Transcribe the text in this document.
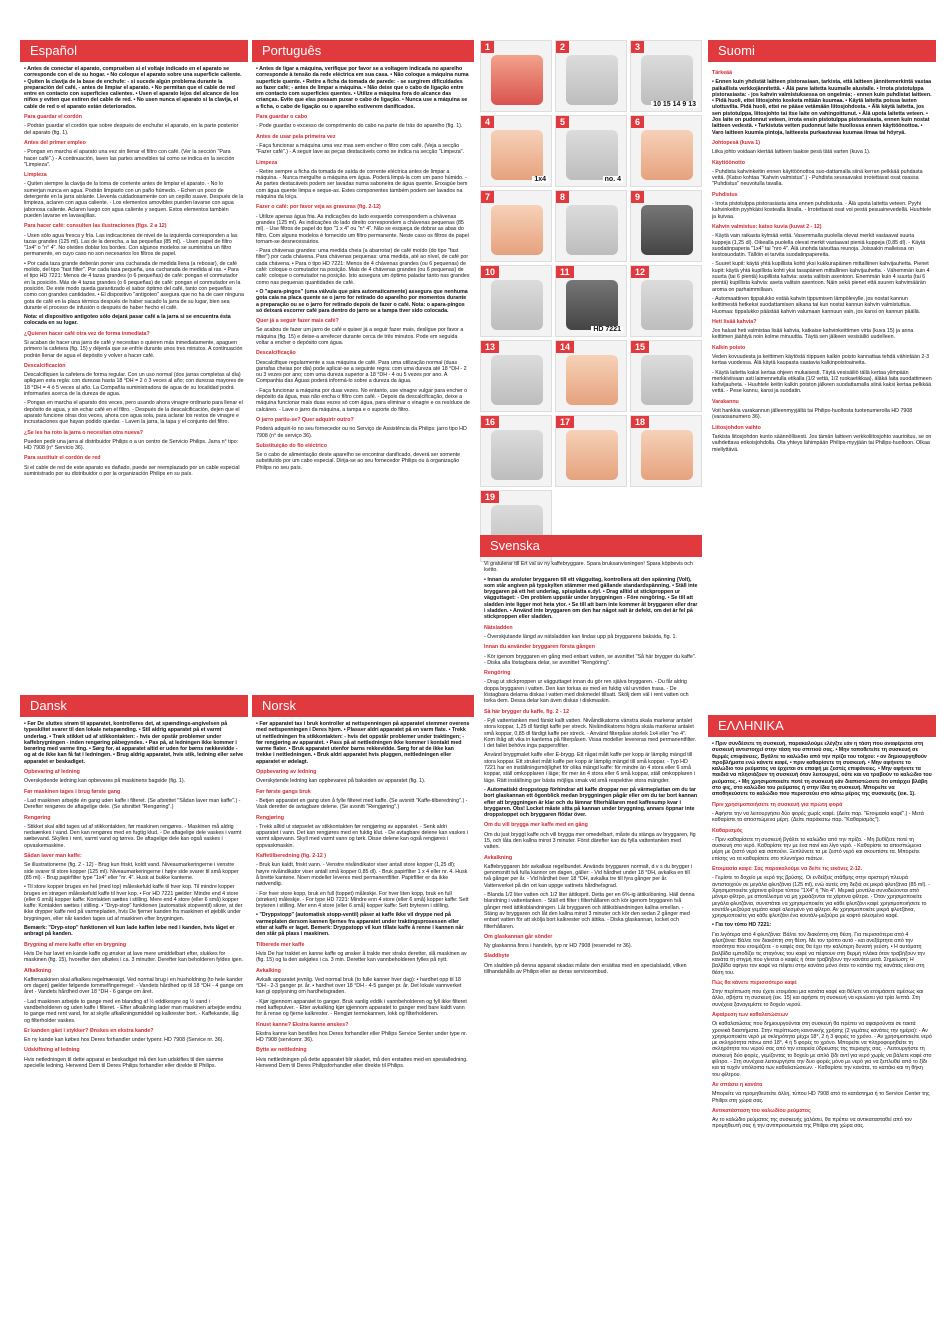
Español

• Antes de conectar el aparato, compruében si el voltaje indicado en el aparato se corresponde con el de su hogar. • No coloque el aparato sobre una superficie caliente. • Quiten la clavija de la base de enchufe: - si sucede algún problema durante la preparación del café, - antes de limpiar el aparato. • No permitan que el cable de red entre en contacto con superficies calientes. • Usen el aparato lejos del alcance de los niños y eviten que estiren del cable de red. • No usen nunca el aparato si la clavija, el cable de red o el aparato están deteriorados.

Para guardar el cordón

- Podrán guardar el cordón que sobre después de enchufar el aparato, en la parte posterior del aparato (fig. 1).

Antes del primer empleo

- Pongan en marcha el aparato una vez sin llenar el filtro con café. (Ver la sección "Para hacer café".) - A continuación, laven las partes amovibles tal como se indica en la sección "Limpieza".

Limpieza

- Quiten siempre la clavija de la toma de corriente antes de limpiar el aparato. - No lo sumerjan nunca en agua. Podrán limpiarlo con un paño húmedo. - Echen un poco de detergente en la jarra aislante. Llevenla cuidadosamente con un cepillo suave. Después de la limpieza, aclaren con agua caliente. - Los elementos amovibles pueden lavarse con agua jabonosa caliente. Aclaren luego con agua caliente y sequen. Estos elementos también pueden lavarse en lavavajillas.

Para hacer café: consulten las ilustraciones (figs. 2 a 12)

- Usen sólo agua fresca y fría. Las indicaciones de nivel de la izquierda corresponden a las tazas grandes (125 ml). Las de la derecha, a las pequeñas (85 ml). - Usen papel de filtro "1x4" o "n° 4". No olviden doblar los bordes. Con algunos modelos se suministra un filtro permanente, en cuyo caso no son necesarios los filtros de papel.

• Por cada taza grande deberán poner una cucharada de medida llena (a rebosar), de café molido, del tipo "fast filter". Por cada taza pequeña, una cucharada de medida al ras. • Para el tipo HD 7221: Menos de 4 tazas grandes (o 6 pequeñas) de café: pongan el conmutador en la posición. Más de 4 tazas grandes (o 6 pequeñas) de café: pongan el conmutador en la posición. De este modo queda garantizado el sabor óptimo del café, tanto con pequeñas como con grandes cantidades. • El dispositivo "antigoteo" asegura que no ha de caer ninguna gota de café en la placa térmica después de haber sacado la jarra de su lugar, bien sea durante el proceso de infusión o después de haber hecho el café.

Nota: el dispositivo antigoteo sólo dejará pasar café a la jarra si se encuentra ésta colocada en su lugar.

¿Quieren hacer café otra vez de forma inmediata?

Si acaban de hacer una jarra de café y necesitan o quieren más inmediatamente, apaguen primero la cafetera (fig. 15) y déjenla que se enfríe durante unos tres minutos. A continuación podrán llenar de agua el depósito y volver a hacer café.

Descalcificación

Descalcifiquen la cafetera de forma regular. Con un uso normal (dos jarras completas al día) apliquen esta regla: con durezas hasta 18 °DH = 2 ó 3 veces al año; con durezas mayores de 18 °DH = 4 ó 5 veces al año. La Compañía suministradora de agua de su localidad podrá informarles acerca de la dureza de agua.

- Pongan en marcha el aparato dos veces, pero usando ahora vinagre ordinario para llenar el depósito de agua, y sin echar café en el filtro. - Después de la descalcificación, dejen que el aparato funcione otras dos veces, ahora con agua sola, para aclarar los restos de vinagre e incrustaciones que hayan podido quedar. - Laven la jarra, la tapa y el conjunto del filtro.

¿Se les ha roto la jarra o necesitan otra nueva?

Pueden pedir una jarra al distribuidor Philips o a un centro de Servicio Philips. Jarra n° tipo: HD 7908 (n° Servicio 36).

Para sustituir el cordón de red

Si el cable de red de este aparato es dañado, puede ser reemplazado por un cable especial suministrado por su distribuidor o por la organización Philips en su país.

Dansk

• Før De sluttes strøm til apparatet, kontrolleres det, at spændings-angivelsen på typeskiltet svarer til den lokale netspænding. • Stil aldrig apparatet på et varmt underlag. • Træk stikket ud af stikkontakten: - hvis der opstår problemer under kaffebrygningen - inden rengøring påbegyndes. • Pas på, at ledningen ikke kommer i berøring med varme ting. • Sørg for, at apparatet altid er uden for børns rækkevidde - og at de ikke kan få fat i ledningen. • Brug aldrig apparatet, hvis stik, ledning eller selve apparatet er beskadiget.

Opbevaring af ledning

Overskydende ledning kan opbevares på maskinens bagside (fig. 1).

Før maskinen tages i brug første gang

- Lad maskinen arbejde én gang uden kaffe i filteret. (Se afsnittet "Sådan laver man kaffe".) - Derefter rengøres de aftagelige dele. (Se afsnittet "Rengøring".)

Rengøring

- Stikket skal altid tages ud af stikkontakten, før maskinen rengøres. - Maskinen må aldrig nedsænkes i vand. Den kan rengøres med en fugtig klud. - De aftagelige dele vaskes i varmt sæbevand. Skylles i rent, varmt vand og tørres. De aftagelige dele kan også vaskes i opvaskemaskine.

Sådan laver man kaffe:

Se illustrationerne (fig. 2 - 12) - Brug kun friskt, koldt vand. Niveaumarkeringerne i venstre side svarer til store kopper (125 ml). Niveaumarkeringerne i højre side svarer til små kopper (85 ml). - Brug papirfilter type "1x4" eller "nr. 4". Husk at bukke kanterne.

• Til store kopper bruges en hel (med top) måleskefuld kaffe til hver kop. Til mindre kopper bruges en strøgen måleskefuld kaffe til hver kop. • For HD 7221 gælder: Mindre end 4 store (eller 6 små) kopper kaffe: Kontakten sættes i stilling. Mere end 4 store (eller 6 små) kopper kaffe: Kontakten sættes i stilling. • "Dryp-stop" funktionen (automatisk stopventil) sikrer, at der ikke drypper kaffe ned på varmepladen, hvis De fjerner kanden fra maskinen et øjeblik under brygningen, eller når kanden tages ud af maskinen efter brygningen.

Bemærk: "Dryp-stop" funktionen vil kun lade kaffen løbe ned i kanden, hvis låget er anbragt på kanden.

Brygning af mere kaffe efter en brygning

Hvis De har lavet en kande kaffe og ønsker at lave mere umiddelbart efter, slukkes for maskinen (fig. 15), hvorefter den afkøles i ca. 3 minutter. Derefter kan beholderen fyldes igen.

Afkalkning

Kaffemaskinen skal afkalkes regelmæssigt. Ved normal brug i en husholdning (to hele kander om dagen) gælder følgende tommelfingerregel: - Vandets hårdhed op til 18 °DH - 4 gange om året - Vandets hårdhed over 18 °DH - 6 gange om året.

- Lad maskinen arbejde to gange med en blanding af ½ eddikesyre og ½ vand i vandbeholderen og uden kaffe i filteret. - Efter afkalkning lader man maskinen arbejde endnu to gange med rent vand, for at skylle afkalkningsmiddel og kalkrester bort. - Kaffekande, låg og filterholder vaskes.

Er kanden gået i stykker? Ønskes en ekstra kande?

En ny kande kan købes hos Deres forhandler under typenr. HD 7908 (Service nr. 36).

Udskiftning af ledning

Hvis netledningen til dette apparat er beskadiget må den kun udskiftes til den samme specielle ledning. Henvend Dem til Deres Philips forhandler eller direkte til Philips.

Português

• Antes de ligar a máquina, verifique por favor se a voltagem indicada no aparelho corresponde à tensão da rede eléctrica em sua casa. • Não coloque a máquina numa superfície quente. • Retire a ficha da tomada de parede: - se surgirem dificuldades ao fazer café; - antes de limpar a máquina. • Não deixe que o cabo de ligação entre em contacto com superfícies quentes. • Utilize a máquina fora do alcance das crianças. Evite que elas possam puxar o cabo de ligação. • Nunca use a máquina se a ficha, o cabo de ligação ou o aparelho estiverem danificados.

Para guardar o cabo

- Pode guardar o excesso de comprimento do cabo na parte de trás do aparelho (fig. 1).

Antes de usar pela primeira vez

- Faça funcionar a máquina uma vez mas sem encher o filtro com café. (Veja a secção "Fazer café".) - A seguir lave as peças destacáveis como se indica na secção "Limpeza".

Limpeza

- Retire sempre a ficha da tomada de saída de corrente eléctrica antes de limpar a máquina. - Nunca mergulhe a máquina em água. Poderá limpá-la com um pano húmido. - As partes destacáveis podem ser lavadas numa saboneira de água quente. Enxagúe bem com água quente limpa e seque-as. Estes componentes também podem ser lavados na máquina da loiça.

Fazer o café: por favor veja as gravuras (fig. 2-12)

- Utilize apenas água fria. As indicações do lado esquerdo correspondem a chávenas grandes (125 ml). As indicações do lado direito correspondem a chávenas pequenas (85 ml). - Use filtros de papel do tipo "1 x 4" ou "n° 4". Não se esqueça de dobrar as abas do filtro. Com alguns modelos é fornecido um filtro permanente. Neste caso os filtros de papel tornam-se desnecessários.

- Para chávenas grandes: uma medida cheia (a abarrotar) de café moído (do tipo "fast filter") por cada chávena. Para chávenas pequenas: uma medida, até ao nível, de café por cada chávena. • Para o tipo HD 7221: Menos de 4 chávenas grandes (ou 6 pequenas) de café: coloque o comutador na posição. Mais de 4 chávenas grandes (ou 6 pequenas) de café: coloque o comutador na posição. Isto assegura um óptimo paladar tanto nas grandes como nas pequenas quantidades de café.

• O "apara-pingos" (uma válvula que pára automaticamente) assegura que nenhuma gota caia na placa quente se o jarro for retirado do aparelho por momentos durante a preparação ou se o jarro for retirado depois de fazer o café. Nota: o apara-pingos só deixará escorrer café para dentro do jarro se a tampa tiver sido colocada.

Quer já a seguir fazer mais café?

Se acabou de fazer um jarro de café e quiser já a seguir fazer mais, desligue por favor a máquina (fig. 15) e deixe-a arrefecer durante cerca de três minutos. Pode em seguida voltar a encher o depósito com água.

Descalcificação

Descalcifique regularmente a sua máquina de café. Para uma utilização normal (duas garrafas cheias por dia) pode aplicar-se a seguinte regra: com uma dureza até 18 °DH - 2 ou 3 vezes por ano; com uma dureza superior a 18 °DH - 4 ou 5 vezes por ano. A Companhia das Águas poderá informá-lo sobre a dureza da água.

- Faça funcionar a máquina por duas vezes. No entanto, use vinagre vulgar para encher o depósito da água, mas não encha o filtro com café. - Depois da descalcificação, deixe a máquina funcionar mais duas vezes só com água, para eliminar o vinagre e os resíduos de calcáreo. - Lave o jarro da máquina, a tampa e o suporte do filtro.

O jarro partiu-se? Quer adquirir outro?

Poderá adquiri-lo no seu fornecedor ou no Serviço de Assistência da Philips: jarro tipo HD 7908 (n° de serviço 36).

Substituição do fio eléctrico

Se o cabo de alimentação deste aparelho se encontrar danificado, deverá ser somente substituído por um cabo especial. Dirija-se ao seu fornecedor Philips ou à organização Philips no seu país.

Norsk

• Før apparatet tas i bruk kontroller at nettspenningen på apparatet stemmer overens med nettspenningen i Deres hjem. • Plasser aldri apparatet på en varm flate. • Trekk ut nettledningen fra stikkontakten: - hvis det oppstår problemer under traktingen; - før rengjøring av apparatet. • Pass på at nettledningen ikke kommer i kontakt med varme flater. • Bruk apparatet utenfor barns rekkevidde. Sørg for at de ikke kan trekke i nettledningen. • Bruk aldri apparatet hvis pluggen, nettledningen eller apparatet er ødelagt.

Oppbevaring av ledning

Overskytende ledning kan oppbevares på baksiden av apparatet (fig. 1).

Før første gangs bruk

- Betjen apparatet en gang uten å fylle filteret med kaffe. (Se avsnitt "Kaffe-tilberedning".) - Vask deretter de avtagbare delene. (Se avsnitt "Rengjøring".)

Rengjøring

- Trekk alltid ut støpselet av stikkontakten før rengjøring av apparatet. - Senk aldri apparatet i vann. Det kan rengjøres med en fuktig klut. - De avtagbare delene kan vaskes i varmt såpevann. Skyll med varmt vann og tørk. Disse delene kan også rengjøres i oppvaskmaskin.

Kaffetilberedning (fig. 2-12 )

- Bruk kun kaldt, friskt vann. - Venstre nivåindikator viser antall store kopper (1,25 dl); høyre nivåindikator viser antall små kopper 0,85 dl). - Bruk papirfilter 1 x 4 eller nr. 4. Husk å brette kantene. Noen modeller leveres med permanentfilter. Papirfilter er da ikke nødvendig.

- For hver store kopp, bruk en full (toppet) måleskje. For hver liten kopp, bruk en full (strøken) måleskje. - For type HD 7221: Mindre enn 4 store (eller 6 små) kopper kaffe: Sett bryteren i stilling. Mer enn 4 store (eller 6 små) kopper kaffe: Sett bryteren i stilling.

• "Dryppstopp" (automatisk stopp-ventil) påser at kaffe ikke vil dryppe ned på varmeplaten dersom kannen fjernes fra apparatet under traktingsprosessen eller etter at kaffe er laget. Bemerk: Dryppstopp vil kun tillate kaffe å renne i kannen når den står på plass i maskinen.

Tilberede mer kaffe

Hvis De har traktet en kanne kaffe og ønsker å trakte mer straks deretter, slå maskinen av (fig. 15) og la den avkjøles i ca. 3 min. Deretter kan vannbeholderen fylles på nytt.

Avkalking

Avkalk apparatet jevnlig. Ved normal bruk (to fulle kanner hver dag): • hardhet opp til 18 °DH - 2-3 ganger pr. år. • hardhet over 18 °DH - 4-5 ganger pr. år. Det lokale vannverket kan gi opplysning om hardhetsgraden.

- Kjør igjennom apparatet to ganger. Bruk vanlig eddik i vannbeholderen og fyll ikke filteret med kaffepulver. - Etter avkalking kjør igjennom apparatet to ganger med bare kaldt vann for å rense og fjerne kalkrester. - Rengjør termokannen, lokk og filterholderen.

Knust kanne? Ekstra kanne ønskes?

Ekstra kanne kan bestilles hos Deres forhandler eller Philips Service Senter under type nr. HD 7908 (servicenr. 36).

Bytte av nettledning

Hvis nettledningen på dette apparatet blir skadet, må den erstattes med en spesialledning. Henvend Dem til Deres Philipsforhandler eller direkte til Philips.

1	2	3
10 15 14 9 13
4
1x4
5
no. 4
6
7	8	9
10	11
HD 7221
12
13	14	15
16	17	18
19
Svenska

Vi gratulerar till Ert val av ny kaffebryggare. Spara bruksanvisningen! Spara köpbevis och kvitto.

• Innan du ansluter bryggaren till ett vägguttag, kontrollera att den spänning (Volt), som står angiven på typskylten stämmer med gällande standardspänning. • Ställ inte bryggaren på ett het underlag, spisplatta e.dyl. • Drag alltid ut stickproppen ur vägguttaget: - Om problem uppstår under bryggningen - Före rengöring. • Se till att sladden inte ligger mot heta ytor. • Se till att barn inte kommer åt bryggaren eller drar i sladden. • Använd inte bryggaren om den har något salt är defekt, om det är fel på stickproppen eller sladden.

Nätsladden

- Överskjutande längd av nätsladden kan lindas upp på bryggarens baksida, fig. 1.

Innan du använder bryggaren första gången

- Kör igenom bryggaren en gång med enbart vatten, se avsnittet "Så här brygger du kaffe". - Diska alla löstagbara delar, se avsnittet "Rengöring".

Rengöring

- Drag ut stickproppen ur vägguttaget innan du gör ren själva bryggaren. - Du får aldrig doppa bryggaren i vatten. Den kan torkas av med en fuktig väl urvriden trasa. - De löstagbara delarna diskas i vatten med diskmedel tillsatt. Skölj dem väl i rent vatten och torka dem. Dessa delar kan även diskas i diskmaskin.

Så här brygger du kaffe, fig. 2 - 12

- Fyll vattentanken med färskt kallt vatten. Nivåindikatorns vänstra skala markerar antalet stora koppar, 1,25 dl färdigt kaffe per streck. Nivåindikatorns högra skala markerar antalet små koppar, 0,85 dl färdigt kaffe per streck. - Använd filterpåse storlek 1x4 eller "no 4". Kom ihåg att vika in kanterna på filterpåsen. Vissa modeller levereras med permanentfilter. I det fallet behövs inga pappersfilter.

Använd bryggmalet kaffe eller E-brygg. Ett rågat mått kaffe per kopp är lämplig mängd till stora koppar. Ett struket mått kaffe per kopp är lämplig mängd till små koppar. - Typ HD 7221 har en inställningsmöjlighet för olika mängd kaffe: för mindre än 4 stora eller 6 små koppar, ställ omkopplaren i läge; för mer än 4 stora eller 6 små koppar, ställ omkopplaren i läge. Rätt inställning ger bästa möjliga smak vid små respektive stora mängder.

- Automatiskt droppstopp förhindrar att kaffe droppar ner på värmeplattan om du tar bort glaskannan ett ögonblick medan bryggningen pågår eller om du tar bort kannan efter att bryggningen är klar och du lämnar filterhållaren med kaffesump kvar i bryggaren. Obs! Locket måste sitta på kannan under bryggning, annars öppnar inte droppstoppet och bryggaren flödar över.

Om du vill brygga mer kaffe med en gång

Om du just bryggt kaffe och vill brygga mer omedelbart, måste du stänga av bryggaren, fig 15, och låta den kallna minst 3 minuter. Först därefter kan du fylla vattentanken med vatten.

Avkalkning

Kaffebryggaren bör avkalkas regelbundet. Används bryggaren normalt, d v s du brygger i genomsnitt två fulla kannor om dagen, gäller: - Vid hårdhet under 18 °DH, avkalka en till två gånger per år. - Vid hårdhet över 18 °DH, avkalka tre till fyra gånger per år. Vattenverket på din ort kan uppge vattnets hårdhetsgrad.

- Blanda 1/2 liter vatten och 1/2 liter ättiksprit. Detta ger en 6%-ig ättikslösning. Häll denna blandning i vattentanken. - Ställ ett filter i filterhållaren och kör igenom bryggaren två gånger med ättiksblandningen. Låt bryggaren och ättiksblandningen kallna emellan. - Stäng av bryggaren och låt den kallna minst 3 minuter och kör den sedan 2 gånger med enbart vatten för att skölja bort kalkrester och ättika. - Diska glaskannan, locket och filterhållaren.

Om glaskannan går sönder

Ny glaskanna finns i handeln, typ nr HD 7908 (reservdel nr 36).

Sladdbyte

Om sladden på denna apparat skadas måste den ersättas med en specialsladd, vilken tillhandahålls av Philips eller av deras serviceombud.

Suomi

Tärkeää

• Ennen kuin yhdistät laitteen pistorasiaan, tarkista, että laitteen jännitemerkintä vastaa paikallista verkkojännitettä. • Älä pane laitetta kuumalle alustalle. • Irrota pistotulppa pistorasiasta: - jos kahvin valmistuksessa on ongelmia; - ennen kuin puhdistat laitteen. • Pidä huoli, ettei liitosjohto kosketa mitään kuumaa. • Käytä laitetta poissa lasten ulottuvilta. Pidä huoli, ettei ne pääse vetämään liitosjohdosta. • Älä käytä laitetta, jos sen pistotulppa, liitosjohto tai itse laite on vahingoittunut. • Älä upota laitetta veteen. • Jos laite on pudonnut veteen, irrota ensin pistotulppa pistorasiasta, ennen kuin nostat laitteen vedestä. • Tarkistuta vetten pudonnut laite huollossa ennen käyttöönottoa. • Varo laitteen kuumia pintoja, laitteesta purkautuvaa kuumaa ilmaa tai höyryä.

Johtopesä (kuva 1)

Liika johto voidaan kiertää laitteen taakse pesä tätä varten (kuva 1).

Käyttöönotto

- Puhdista kahvinkeitin ennen käyttöönottoa suo-dattamalla siinä kerran pelkkää puhdasta vettä. (Katso kohtaa "Kahvin valmistus".) - Puhdista seuraavaksi irrotettavat osat osassa "Puhdistus" neuvotulla tavalla.

Puhdistus

- Irrota pistotulppa pistorasiasta aina ennen puhdistusta. - Älä upota laitetta veteen. Pyyhi kahvinkeitin pyyhkäisi kostealla liinalla. - Irrotettavat osat voi pestä pesuainevedellä. Huuhtele ja kuivaa.

Kahvin valmistus: katso kuvia (kuvat 2 - 12)

- Käytä vain raikasta kylmää vettä. Vasemmalla puolella olevat merkit vastaavat suuria kuppeja (1,25 dl). Oikealla puolella olevat merkit vastaavat pieniä kuppeja (0,85 dl). - Käytä suodatinpaperia "1x4" tai "nro 4". Älä unohda taivuttaa reunoja. Joissakin malleissa on kestosuodatin. Tällöin ei tarvita suodatinpapereita.

- Suuret kupit: käytä yhtä kupillista kohti yksi kukkurapäinen mittalliinen kahvijauhetta. Pienet kupit: käytä yhtä kupillista kohti yksi tasapäinen mittallinen kahvijauhetta. - Vähemmän kuin 4 suurta (tai 6 pientä) kupillista kahvia: aseta valitsin asentoon. Enemmän kuin 4 suurta (tai 6 pientä) kupillista kahvia: aseta valitsin asentoon. Näin sekä pienet että suuren kahvimäärän aroma on parhaimmillaan.

- Automaattinen tippalukko estää kahvin tippumisen lämpölevylle, jos nostat kannun keittimestä hetkeksi suodattamisen aikana tai kun nostat kannun kahvin valmistuttua. Huomaa: tippalukko päästää kahvin valumaan kannuun vain, jos kansi on kannun päällä.

Heti lisää kahvia?

Jos haluat heti valmistaa lisää kahvia, katkaise kahvinkeittimen virta (kuva 15) ja anna keittimen jäähtyä noin kolme minuuttia. Täytä sen jälkeen vesisäiliö uudelleen.

Kalkin poisto

Veden kovuudesta ja keittimen käytöstä riippuen kalkin poisto kannattaa tehdä vähintään 2-3 kertaa vuodessa. Älä käytä kaupasta saatavia kalkinpoistoaineita.

- Käytä laitetta kaksi kertaa ohjeen mukaisesti. Täytä vesisäiliö tällä kertaa ylimpään merkkiviivaan asti laimennetulla etikalla (1/2 vettä, 1/2 ruokaetikkaa), äläkä laita suodattimeen kahvijauheta. - Huuhtele keitin kalkin poiston jälkeen suodattamalla siinä kaksi kertaa pelkkää vettä. - Pese kannu, kansi ja suodatin.

Varakannu

Voit hankkia varakannun jälleenmyyjältä tai Philips-huoltosta tuotenumerolla HD 7908 (varaosanumero 36).

Liitosjohdon vaihto

Tarkista liitosjohdon kunto säännöllisesti. Jos tämän laitteen verkkoliitosjohto vaurioituu, se on vaihdettava erikoisjohdolla. Ota yhteys lähimpään Philips-myyjään tai Philips-huoltoon. Olkaa miellyttävä.

ΕΛΛΗΝΙΚΑ

• Πριν συνδέσετε τη συσκευή, παρακαλούμε ελέγξτε εάν η τάση που αναφέρεται στη συσκευή αντιστοιχεί στην τάση του σπιτιού σας. • Μην τοποθετείτε τη συσκευή σε θερμές επιφάνειες. Βγάλτε το καλώδιο από την πρίζα του τοίχου: • αν δημιουργηθούν προβλήματα ενώ κάνετε καφέ, • πριν καθαρίσετε τη συσκευή. • Μην αφήνετε το καλώδιο του ρεύματος να έρχεται σε επαφή με ζεστές επιφάνειες. • Μην αφήνετε τα παιδιά να πλησιάζουν τη συσκευή όταν λειτουργεί, ούτε και να τραβούν το καλώδιο του ρεύματος. • Μη χρησιμοποιείτε ποτέ τη συσκευή εάν διαπιστώσετε ότι υπάρχει βλάβη στο φις, στο καλώδιο του ρεύματος ή στην ίδια τη συσκευή. Μπορείτε να αποθηκεύσετε το καλώδιο που περισσεύει στο κάτω μέρος της συσκευής (εικ. 1).

Πριν χρησιμοποιήσετε τη συσκευή για πρώτη φορά

- Αφήστε την να λειτουργήσει δύο φορές χωρίς καφέ. (Δείτε παρ. "Ετοιμασία καφέ".) - Μετά καθαρίστε τα αποσπώμενα μέρη. (Δείτε παράκατω παρ. "Καθαρισμός").

Καθαρισμός

- Πριν καθαρίσετε τη συσκευή βγάλτε το καλώδιο από την πρίζα. - Μη βυθίζετε ποτέ τη συσκευή στο νερό. Καθαρίστε την με ένα πανί και λίγο νερό. - Καθαρίστε τα αποσπώμενα μέρη με ζεστό νερό και σαπούνι. Ξεπλύνετε τα με ζεστό νερό και σκουπίστε τα. Μπορείτε επίσης να τα καθαρίσετε στο πλυντήριο πιάτων.

Ετοιμασία καφέ: Σας παρακαλούμε να δείτε τις εικόνες 2-12.

- Γεμίστε το δοχείο με νερό της βρύσης. Οι ενδείξεις στάθμης στην αριστερή πλευρά αντιστοιχούν σε μεγάλα φλυτζάνια (125 ml), ενώ αυτές στη δεξιά σε μικρά φλυτζάνια (85 ml). - Χρησιμοποιείτε χάρτινα φίλτρα τύπου "1Χ4" ή "Νο 4". Μερικά μοντέλα συνοδεύονται από μόνιμο φίλτρο, με αποτέλεσμα να μη χρειάζονται τα χάρτινα φίλτρα. - Όταν χρησιμοποιείτε μεγάλα φλυτζάνια, συνιστάται να χρησιμοποιείτε για κάθε φλυτζάνι καφέ χρησιμοποιήσετε το κουτάλι-μεζούρα γεμάτο καφέ αλεσμένο για φίλτρο. Αν χρησιμοποιείτε μικρά φλυτζάνια, χρησιμοποιείτε για κάθε φλυτζάνι ένα κουτάλι-μεζούρα με κοφτό αλεσμένο καφέ.

• Για τον τύπο HD 7221:

Για λιγότερα από 4 φλυτζάνια: Βάλτε τον διακόπτη στη θέση. Για περισσότερα από 4 φλυτζάνια: Βάλτε τον διακόπτη στη θέση. Με τον τρόπο αυτό - και ανεξάρτητα από την ποσότητα που ετοιμάζετε - ο καφές σας θα έχει την καλύτερη δυνατή γεύση. • Η αυτόματη βαλβίδα εμποδίζει τις σταγόνες του καφέ να πέφτουν στη θερμή πλάκα όταν τραβήξουν την κανάτα τη στιγμή που γίνεται ο καφές ή όταν τραβήξουν την κανάτα μετά. Σημείωση: Η βαλβίδα αφήνει τον καφέ να πέφτει στην κανάτα μόνο όταν το καπάκι της κανάτας είναι στη θέση του.

Πώς θα κάνετε περισσότερο καφέ

Στην περίπτωση που έχετε ετοιμάσει μια κανάτα καφέ και θέλετε να ετοιμάσετε αμέσως και άλλο, σβήστε τη συσκευή (εικ. 15) και αφήστε τη συσκευή να κρυώσει για τρία λεπτά. Στη συνέχεια ξαναγεμίστε το δοχείο νερού.

Αφαίρεση των καθαλατώσεων

Οι καθαλατώσεις που δημιουργούνται στη συσκευή θα πρέπει να αφαιρούνται σε τακτά χρονικά διαστήματα. Στην περίπτωση κανονικής χρήσης (2 γεμάτες κανάτες την ημέρα): - Αν χρησιμοποιείτε νερό με σκληρότητα μέχρι 18°, 2 ή 3 φορές το χρόνο. - Αν χρησιμοποιείτε νερό με σκληρότητα πάνω από 18°, 4 ή 5 φορές το χρόνο. Μπορείτε να πληροφορηθείτε τη σκληρότητα του νερού σας από την εταιρεία ύδρευσης της περιοχής σας. - Λειτουργήστε τη συσκευή δύο φορές, γεμίζοντας το δοχείο με απλό ξίδι αντί για νερό χωρίς να βάλετε καφέ στο φίλτρο. - Στη συνέχεια λειτουργήστε την δυο φορές μόνο με νερό για να ξεπλυθεί από το ξίδι και τα τυχόν υπόλοιπα των καθαλατώσεων. - Καθαρίστε την κανάτα, το καπάκι και τη θήκη του φίλτρου.

Αν σπάσει η κανάτα

Μπορείτε να προμηθευτείτε άλλη, τύπου HD 7908 από το κατάστημα ή το Service Center της Philips στη χώρα σας.

Αντικατάσταση του καλωδίου ρεύματος

Αν το καλώδιο ρεύματος της συσκευής χαλάσει, θα πρέπει να αντικατασταθεί από τον προμηθευτή σας ή την αντιπροσωπεία της Philips στη χώρα σας.
